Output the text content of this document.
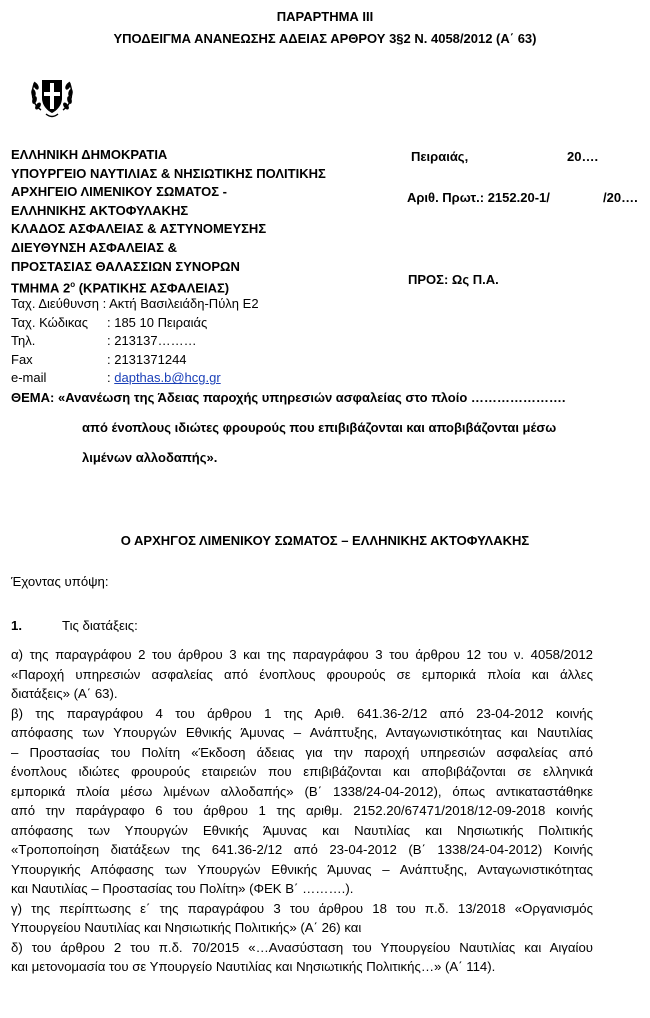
ΠΑΡΑΡΤΗΜΑ ΙΙΙ
ΥΠΟΔΕΙΓΜΑ ΑΝΑΝΕΩΣΗΣ ΑΔΕΙΑΣ ΑΡΘΡΟΥ 3§2 Ν. 4058/2012 (Α΄ 63)
ΕΛΛΗΝΙΚΗ ΔΗΜΟΚΡΑΤΙΑ
ΥΠΟΥΡΓΕΙΟ ΝΑΥΤΙΛΙΑΣ & ΝΗΣΙΩΤΙΚΗΣ ΠΟΛΙΤΙΚΗΣ
ΑΡΧΗΓΕΙΟ ΛΙΜΕΝΙΚΟΥ ΣΩΜΑΤΟΣ -
ΕΛΛΗΝΙΚΗΣ ΑΚΤΟΦΥΛΑΚΗΣ
ΚΛΑΔΟΣ ΑΣΦΑΛΕΙΑΣ & ΑΣΤΥΝΟΜΕΥΣΗΣ
ΔΙΕΥΘΥΝΣΗ ΑΣΦΑΛΕΙΑΣ &
ΠΡΟΣΤΑΣΙΑΣ ΘΑΛΑΣΣΙΩΝ ΣΥΝΟΡΩΝ
ΤΜΗΜΑ $2^o$ (ΚΡΑΤΙΚΗΣ ΑΣΦΑΛΕΙΑΣ)
Ταχ. Διεύθυνση : Ακτή Βασιλειάδη-Πύλη Ε2
Ταχ. Κώδικας : 185 10 Πειραιάς
Τηλ.	: 213137………
Fax	: 2131371244
e-mail	: dapthas.b@hcg.gr
Πειραιάς,	20….
Αριθ. Πρωτ.: 2152.20-1/	/20….
ΠΡΟΣ: Ως Π.Α.
ΘΕΜΑ: «Ανανέωση της Άδειας παροχής υπηρεσιών ασφαλείας στο πλοίο ………………….
από ένοπλους ιδιώτες φρουρούς που επιβιβάζονται και αποβιβάζονται μέσω
λιμένων αλλοδαπής».
Ο ΑΡΧΗΓΟΣ ΛΙΜΕΝΙΚΟΥ ΣΩΜΑΤΟΣ – ΕΛΛΗΝΙΚΗΣ ΑΚΤΟΦΥΛΑΚΗΣ
Έχοντας υπόψη:
1.	Τις διατάξεις:
α) της παραγράφου 2 του άρθρου 3 και της παραγράφου 3 του άρθρου 12 του ν. 4058/2012
«Παροχή υπηρεσιών ασφαλείας από ένοπλους φρουρούς σε εμπορικά πλοία και άλλες
διατάξεις» (Α΄ 63).
β) της παραγράφου 4 του άρθρου 1 της Αριθ. 641.36-2/12 από 23-04-2012 κοινής
απόφασης των Υπουργών Εθνικής Άμυνας – Ανάπτυξης, Ανταγωνιστικότητας και Ναυτιλίας
– Προστασίας του Πολίτη «Έκδοση άδειας για την παροχή υπηρεσιών ασφαλείας από
ένοπλους ιδιώτες φρουρούς εταιρειών που επιβιβάζονται και αποβιβάζονται σε ελληνικά
εμπορικά πλοία μέσω λιμένων αλλοδαπής» (Β΄ 1338/24-04-2012), όπως αντικαταστάθηκε
από την παράγραφο 6 του άρθρου 1 της αριθμ. 2152.20/67471/2018/12-09-2018 κοινής
απόφασης των Υπουργών Εθνικής Άμυνας και Ναυτιλίας και Νησιωτικής Πολιτικής
«Τροποποίηση διατάξεων της 641.36-2/12 από 23-04-2012 (Β΄ 1338/24-04-2012) Κοινής
Υπουργικής Απόφασης των Υπουργών Εθνικής Άμυνας – Ανάπτυξης, Ανταγωνιστικότητας
και Ναυτιλίας – Προστασίας του Πολίτη» (ΦΕΚ Β΄ ……….).
γ) της περίπτωσης ε΄ της παραγράφου 3 του άρθρου 18 του π.δ. 13/2018 «Οργανισμός
Υπουργείου Ναυτιλίας και Νησιωτικής Πολιτικής» (Α΄ 26) και
δ) του άρθρου 2 του π.δ. 70/2015 «…Ανασύσταση του Υπουργείου Ναυτιλίας και Αιγαίου
και μετονομασία του σε Υπουργείο Ναυτιλίας και Νησιωτικής Πολιτικής…» (Α΄ 114).
